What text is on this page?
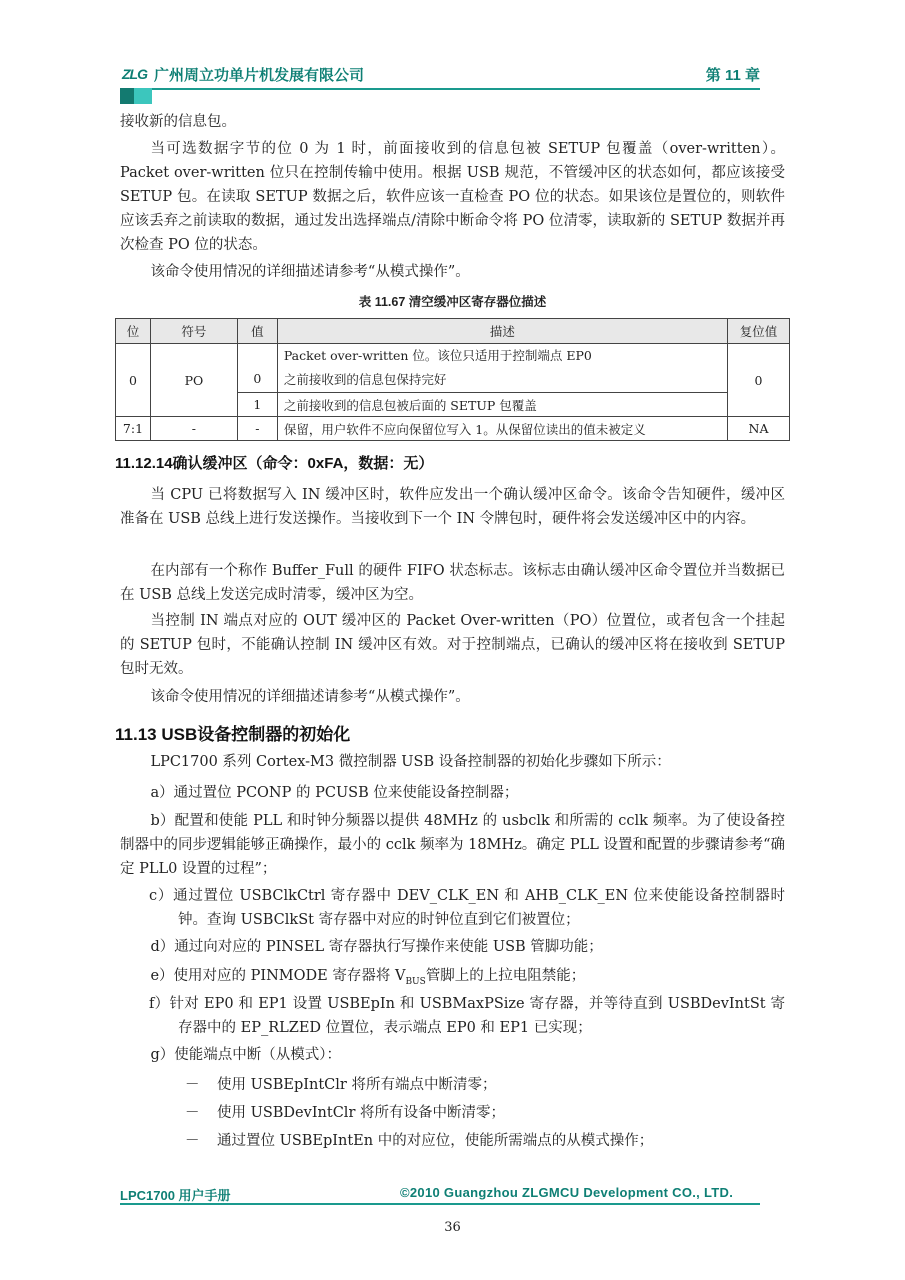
ZLG 广州周立功单片机发展有限公司	第 11 章

接收新的信息包。

当可选数据字节的位 0 为 1 时，前面接收到的信息包被 SETUP 包覆盖（over-written）。Packet over-written 位只在控制传输中使用。根据 USB 规范，不管缓冲区的状态如何，都应该接受 SETUP 包。在读取 SETUP 数据之后，软件应该一直检查 PO 位的状态。如果该位是置位的，则软件应该丢弃之前读取的数据，通过发出选择端点/清除中断命令将 PO 位清零，读取新的 SETUP 数据并再次检查 PO 位的状态。

该命令使用情况的详细描述请参考“从模式操作”。

表 11.67 清空缓冲区寄存器位描述
位	符号	值	描述	复位值
0	PO	0	Packet over-written 位。该位只适用于控制端点 EP0
之前接收到的信息包保持完好	0
		1	之前接收到的信息包被后面的 SETUP 包覆盖	
7:1	-	-	保留，用户软件不应向保留位写入 1。从保留位读出的值未被定义	NA
11.12.14确认缓冲区（命令：0xFA，数据：无）

当 CPU 已将数据写入 IN 缓冲区时，软件应发出一个确认缓冲区命令。该命令告知硬件，缓冲区准备在 USB 总线上进行发送操作。当接收到下一个 IN 令牌包时，硬件将会发送缓冲区中的内容。

在内部有一个称作 Buffer_Full 的硬件 FIFO 状态标志。该标志由确认缓冲区命令置位并当数据已在 USB 总线上发送完成时清零，缓冲区为空。

当控制 IN 端点对应的 OUT 缓冲区的 Packet Over-written（PO）位置位，或者包含一个挂起的 SETUP 包时，不能确认控制 IN 缓冲区有效。对于控制端点，已确认的缓冲区将在接收到 SETUP 包时无效。

该命令使用情况的详细描述请参考“从模式操作”。

11.13 USB设备控制器的初始化

LPC1700 系列 Cortex-M3 微控制器 USB 设备控制器的初始化步骤如下所示：

a）通过置位 PCONP 的 PCUSB 位来使能设备控制器；

b）配置和使能 PLL 和时钟分频器以提供 48MHz 的 usbclk 和所需的 cclk 频率。为了使设备控制器中的同步逻辑能够正确操作，最小的 cclk 频率为 18MHz。确定 PLL 设置和配置的步骤请参考“确定 PLL0 设置的过程”；

c）通过置位 USBClkCtrl 寄存器中 DEV_CLK_EN 和 AHB_CLK_EN 位来使能设备控制器时钟。查询 USBClkSt 寄存器中对应的时钟位直到它们被置位；

d）通过向对应的 PINSEL 寄存器执行写操作来使能 USB 管脚功能；

e）使用对应的 PINMODE 寄存器将 $V_{BUS}$管脚上的上拉电阻禁能；

f）针对 EP0 和 EP1 设置 USBEpIn 和 USBMaxPSize 寄存器，并等待直到 USBDevIntSt 寄存器中的 EP_RLZED 位置位，表示端点 EP0 和 EP1 已实现；

g）使能端点中断（从模式）：

－ 使用 USBEpIntClr 将所有端点中断清零；

－ 使用 USBDevIntClr 将所有设备中断清零；

－ 通过置位 USBEpIntEn 中的对应位，使能所需端点的从模式操作；

LPC1700 用户手册	©2010 Guangzhou ZLGMCU Development CO., LTD.
36
